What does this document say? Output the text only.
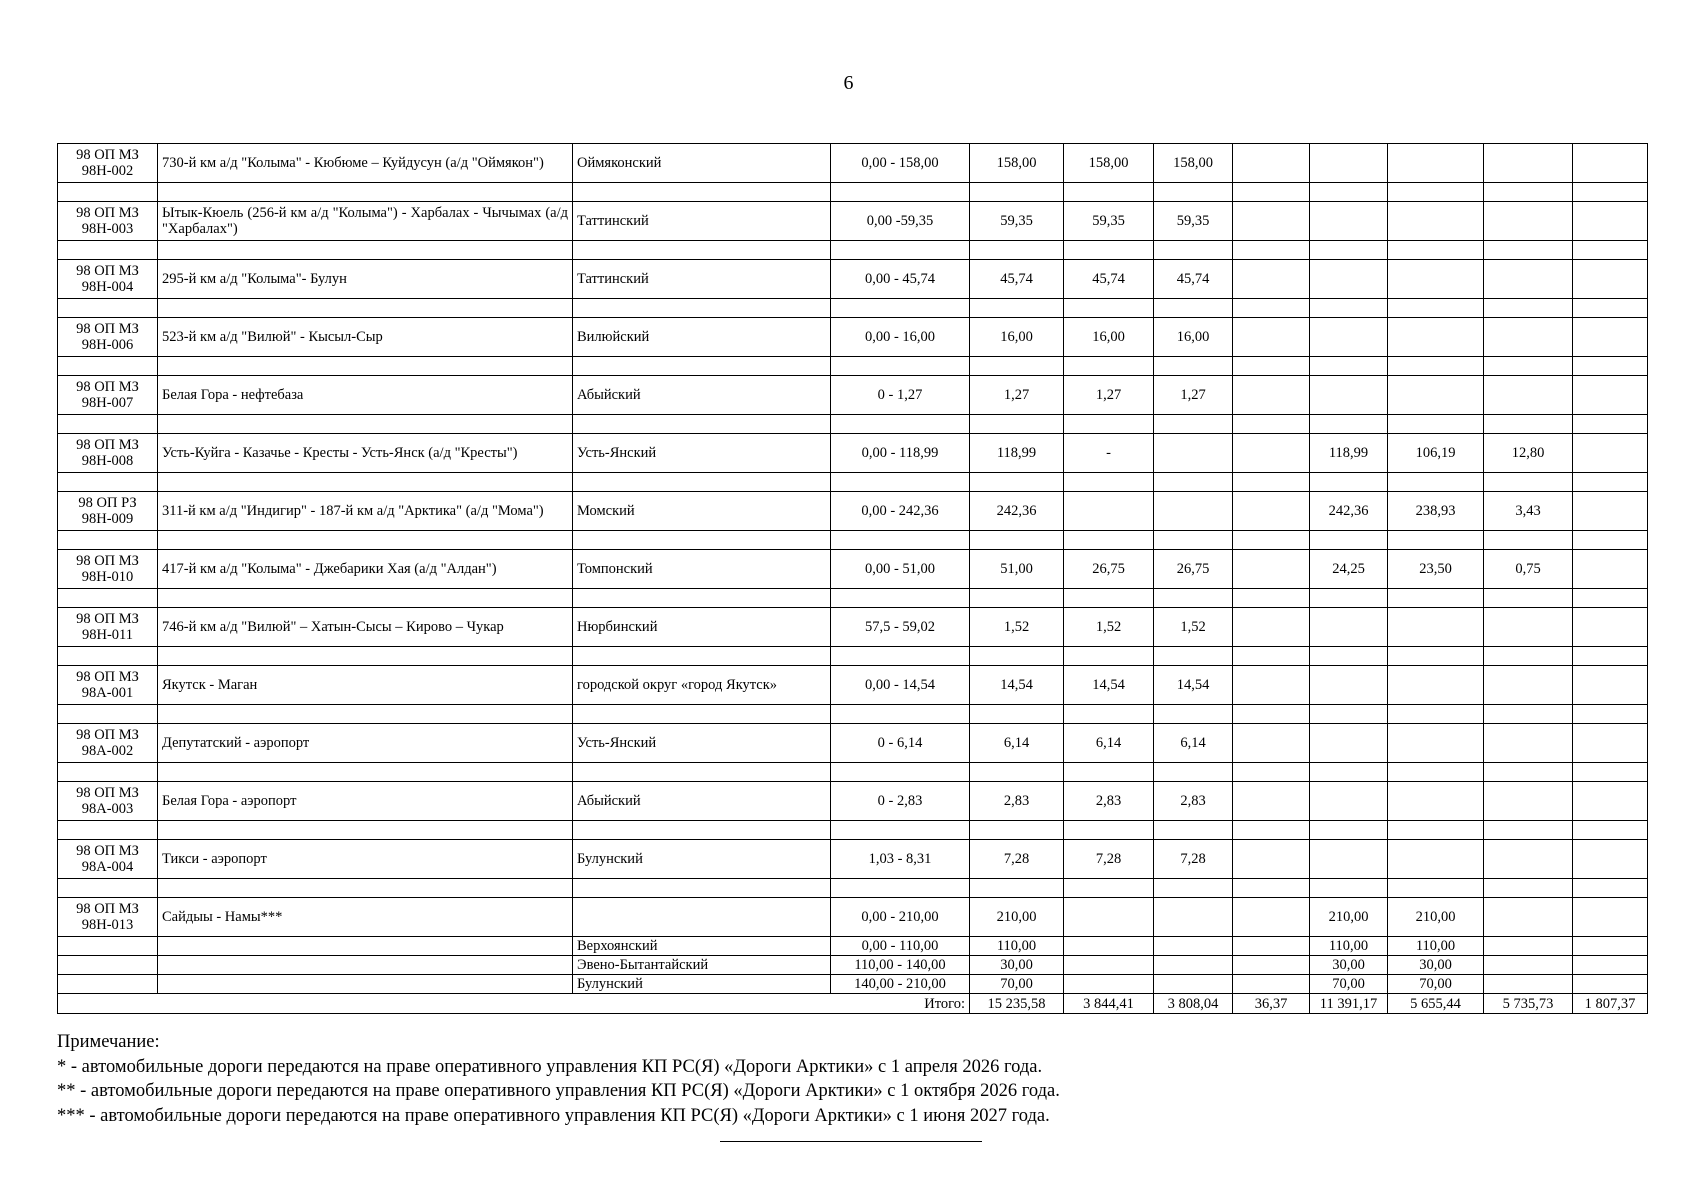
6
98 ОП МЗ 98Н-002	730-й км а/д "Колыма" - Кюбюме – Куйдусун (а/д "Оймякон")	Оймяконский	0,00 - 158,00	158,00	158,00	158,00					

98 ОП МЗ 98Н-003	Ытык-Кюель (256-й км а/д "Колыма") - Харбалах - Чычымах (а/д "Харбалах")	Таттинский	0,00 -59,35	59,35	59,35	59,35					

98 ОП МЗ 98Н-004	295-й км а/д "Колыма"- Булун	Таттинский	0,00 - 45,74	45,74	45,74	45,74					

98 ОП МЗ 98Н-006	523-й км а/д "Вилюй" - Кысыл-Сыр	Вилюйский	0,00 - 16,00	16,00	16,00	16,00					

98 ОП МЗ 98Н-007	Белая Гора - нефтебаза	Абыйский	0 - 1,27	1,27	1,27	1,27					

98 ОП МЗ 98Н-008	Усть-Куйга - Казачье - Кресты - Усть-Янск (а/д "Кресты")	Усть-Янский	0,00 - 118,99	118,99	-			118,99	106,19	12,80	

98 ОП РЗ 98Н-009	311-й км а/д "Индигир" - 187-й км а/д "Арктика" (а/д "Мома")	Момский	0,00 - 242,36	242,36				242,36	238,93	3,43	

98 ОП МЗ 98Н-010	417-й км а/д "Колыма" - Джебарики Хая (а/д "Алдан")	Томпонский	0,00 - 51,00	51,00	26,75	26,75		24,25	23,50	0,75	

98 ОП МЗ 98Н-011	746-й км а/д "Вилюй" – Хатын-Сысы – Кирово – Чукар	Нюрбинский	57,5 - 59,02	1,52	1,52	1,52					

98 ОП МЗ 98А-001	Якутск - Маган	городской округ «город Якутск»	0,00 - 14,54	14,54	14,54	14,54					

98 ОП МЗ 98А-002	Депутатский - аэропорт	Усть-Янский	0 - 6,14	6,14	6,14	6,14					

98 ОП МЗ 98А-003	Белая Гора - аэропорт	Абыйский	0 - 2,83	2,83	2,83	2,83					

98 ОП МЗ 98А-004	Тикси - аэропорт	Булунский	1,03 - 8,31	7,28	7,28	7,28					

98 ОП МЗ 98Н-013	Сайдыы - Намы***		0,00 - 210,00	210,00				210,00	210,00		
		Верхоянский	0,00 - 110,00	110,00				110,00	110,00		
		Эвено-Бытантайский	110,00 - 140,00	30,00				30,00	30,00		
		Булунский	140,00 - 210,00	70,00				70,00	70,00		
Итого:				15 235,58	3 844,41	3 808,04	36,37	11 391,17	5 655,44	5 735,73	1 807,37
Примечание:
* - автомобильные дороги передаются на праве оперативного управления КП РС(Я) «Дороги Арктики» с 1 апреля 2026 года.
** - автомобильные дороги передаются на праве оперативного управления КП РС(Я) «Дороги Арктики» с 1 октября 2026 года.
*** - автомобильные дороги передаются на праве оперативного управления КП РС(Я) «Дороги Арктики» с 1 июня 2027 года.
